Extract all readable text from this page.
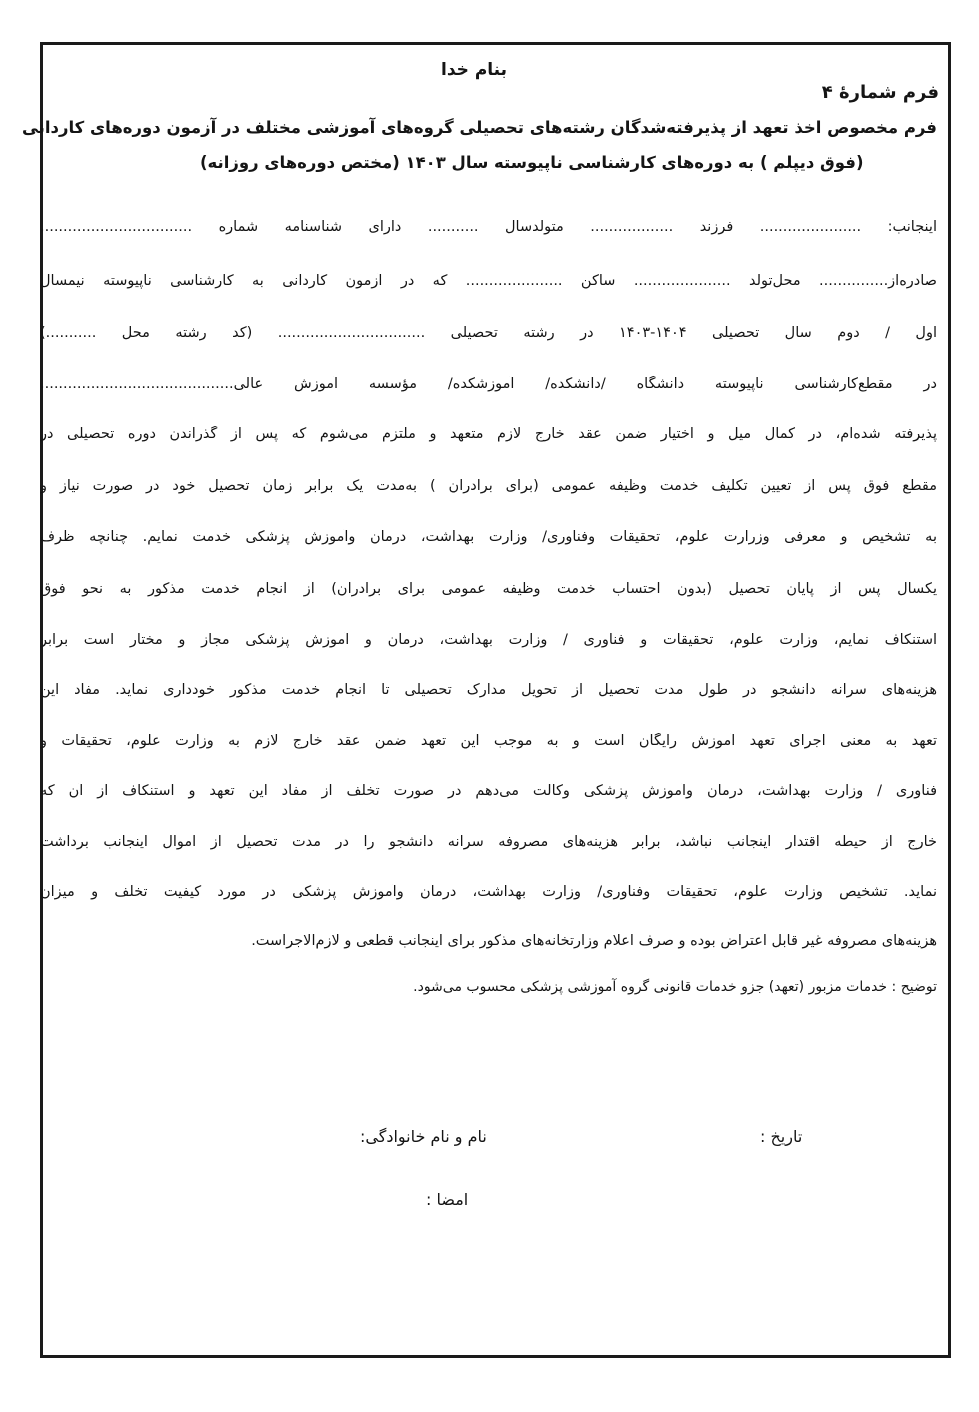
بنام خدا
فرم شمارهٔ ۴
فرم مخصوص اخذ تعهد از پذیرفته‌شدگان رشته‌های تحصیلی گروه‌های آموزشی مختلف در آزمون دوره‌های کاردانی
(فوق دیپلم ) به دوره‌های کارشناسی ناپیوسته سال ۱۴۰۳ (مختص دوره‌های روزانه)
اینجانب: ...................... فرزند .................. متولدسال ........... دارای شناسنامه شماره .................................
صادره‌از............... محل‌تولد ..................... ساکن ..................... که در آزمون کاردانی به کارشناسی ناپیوسته نیمسال
اول / دوم سال تحصیلی ۱۴۰۴-۱۴۰۳ در رشته تحصیلی ................................ (کد رشته محل ...........)
در مقطع‌کارشناسی ناپیوسته دانشگاه /دانشکده/ آموزشکده/ مؤسسه آموزش عالی..........................................
پذیرفته شده‌ام، در کمال میل و اختیار ضمن عقد خارج لازم متعهد و ملتزم می‌شوم که پس از گذراندن دوره تحصیلی در
مقطع فوق پس از تعیین تکلیف خدمت وظیفه عمومی (برای برادران ) به‌مدت یک برابر زمان تحصیل خود در صورت نیاز و
به تشخیص و معرفی وزرارت علوم، تحقیقات وفناوری/ وزارت بهداشت، درمان وآموزش پزشکی خدمت نمایم. چنانچه ظرف
یکسال پس از پایان تحصیل (بدون احتساب خدمت وظیفه عمومی برای برادران) از انجام خدمت مذکور به نحو فوق
استنکاف نمایم، وزارت علوم، تحقیقات و فناوری / وزارت بهداشت، درمان و آموزش پزشکی مجاز و مختار است برابر
هزینه‌های سرانه دانشجو در طول مدت تحصیل از تحویل مدارک تحصیلی تا انجام خدمت مذکور خودداری نماید. مفاد این
تعهد به معنی اجرای تعهد آموزش رایگان است و به موجب این تعهد ضمن عقد خارج لازم به وزارت علوم، تحقیقات و
فناوری / وزارت بهداشت، درمان وآموزش پزشکی وکالت می‌دهم در صورت تخلف از مفاد این تعهد و استنکاف از آن که
خارج از حیطه اقتدار اینجانب نباشد، برابر هزینه‌های مصروفه سرانه دانشجو را در مدت تحصیل از اموال اینجانب برداشت
نماید. تشخیص وزارت علوم، تحقیقات وفناوری/ وزارت بهداشت، درمان وآموزش پزشکی در مورد کیفیت تخلف و میزان
هزینه‌های مصروفه غیر قابل اعتراض بوده و صرف اعلام وزارتخانه‌های مذکور برای اینجانب قطعی و لازم‌الاجراست.
توضیح : خدمات مزبور (تعهد) جزو خدمات قانونی گروه آموزشی پزشکی محسوب می‌شود.
تاریخ :
نام و نام خانوادگی:
امضا :
